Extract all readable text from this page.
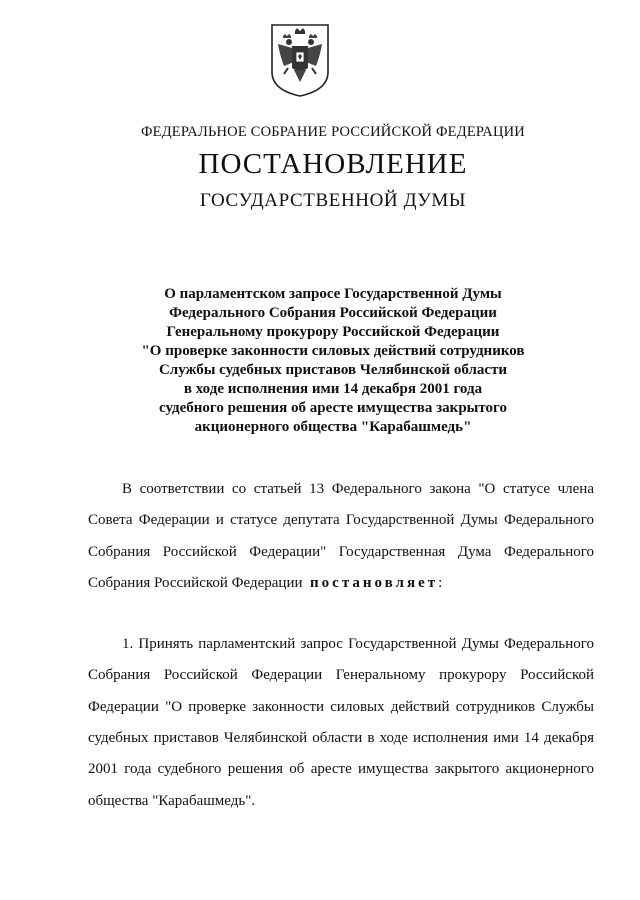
ФЕДЕРАЛЬНОЕ СОБРАНИЕ РОССИЙСКОЙ ФЕДЕРАЦИИ
ПОСТАНОВЛЕНИЕ
ГОСУДАРСТВЕННОЙ ДУМЫ
О парламентском запросе Государственной Думы
Федерального Собрания Российской Федерации
Генеральному прокурору Российской Федерации
"О проверке законности силовых действий сотрудников
Службы судебных приставов Челябинской области
в ходе исполнения ими 14 декабря 2001 года
судебного решения об аресте имущества закрытого
акционерного общества "Карабашмедь"

В соответствии со статьей 13 Федерального закона "О статусе члена

Совета Федерации и статусе депутата Государственной Думы Федерального

Собрания Российской Федерации" Государственная Дума Федерального

Собрания Российской Федерации постановляет:

1. Принять парламентский запрос Государственной Думы Федерального

Собрания Российской Федерации Генеральному прокурору Российской

Федерации "О проверке законности силовых действий сотрудников Службы

судебных приставов Челябинской области в ходе исполнения ими 14 декабря

2001 года судебного решения об аресте имущества закрытого акционерного

общества "Карабашмедь".
